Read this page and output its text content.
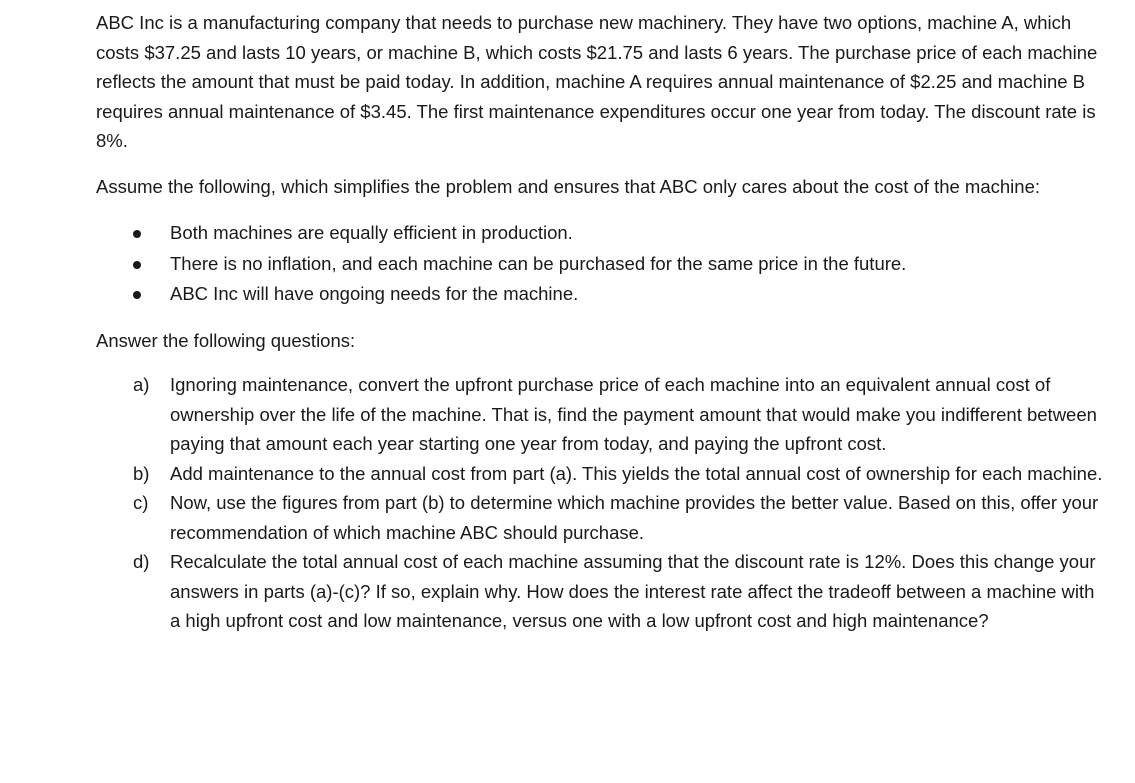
ABC Inc is a manufacturing company that needs to purchase new machinery. They have two options, machine A, which costs $37.25 and lasts 10 years, or machine B, which costs $21.75 and lasts 6 years. The purchase price of each machine reflects the amount that must be paid today. In addition, machine A requires annual maintenance of $2.25 and machine B requires annual maintenance of $3.45. The first maintenance expenditures occur one year from today. The discount rate is 8%.

Assume the following, which simplifies the problem and ensures that ABC only cares about the cost of the machine:

Both machines are equally efficient in production.
There is no inflation, and each machine can be purchased for the same price in the future.
ABC Inc will have ongoing needs for the machine.

Answer the following questions:

a) Ignoring maintenance, convert the upfront purchase price of each machine into an equivalent annual cost of ownership over the life of the machine. That is, find the payment amount that would make you indifferent between paying that amount each year starting one year from today, and paying the upfront cost.
b) Add maintenance to the annual cost from part (a). This yields the total annual cost of ownership for each machine.
c) Now, use the figures from part (b) to determine which machine provides the better value. Based on this, offer your recommendation of which machine ABC should purchase.
d) Recalculate the total annual cost of each machine assuming that the discount rate is 12%. Does this change your answers in parts (a)-(c)? If so, explain why. How does the interest rate affect the tradeoff between a machine with a high upfront cost and low maintenance, versus one with a low upfront cost and high maintenance?
